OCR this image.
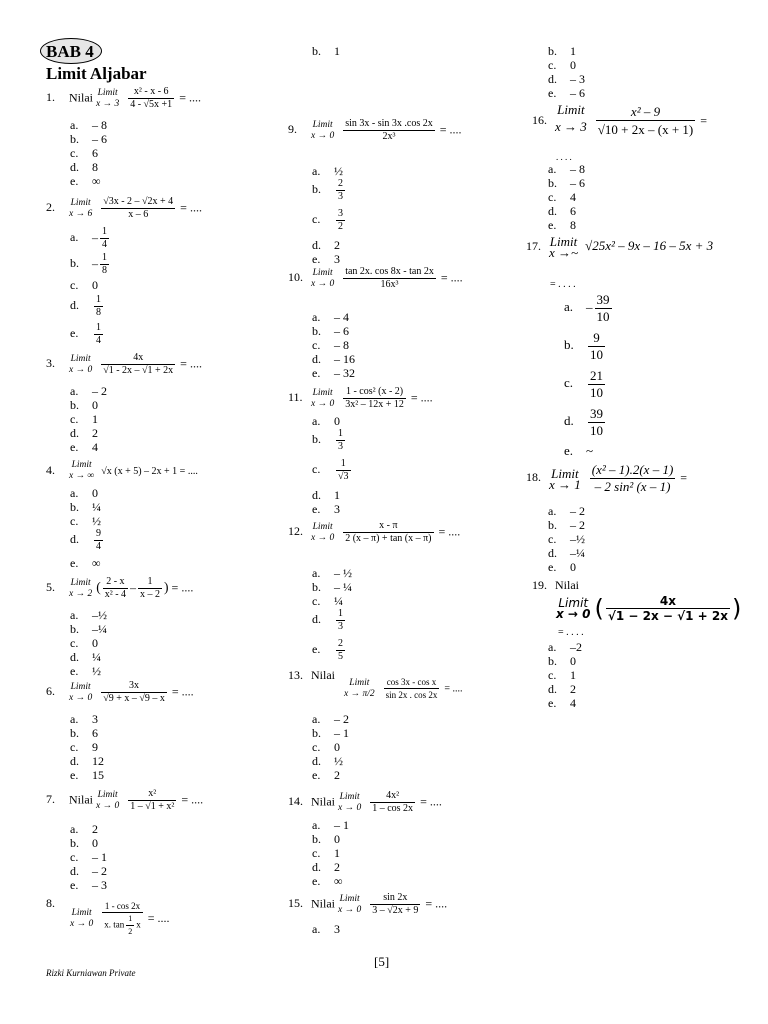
BAB 4
Limit Aljabar
1. Nilai Limit
x → 3
$\frac{\text{x² - x - 6}}{4 - √5x +1}$ = ....
a. – 8
b. – 6
c. 6
d. 8
e. ∞
2. Limit
x → 6
$\frac{√3x - 2 - √2x + 4}{x - 6}$ = ....
a. – $\frac{1}{4}$
b. – $\frac{1}{8}$
c. 0
d. $\frac{1}{8}$
e. $\frac{1}{4}$
3. Limit
x → 0
$\frac{4x}{√1 - 2x - √1 + 2x}$ = ....
a. – 2
b. 0
c. 1
d. 2
e. 4
4. Limit
x → ∞ √x (x + 5) – 2x + 1 = ....
a. 0
b. ¼
c. ½
d. $\frac{9}{4}$
e. ∞
5. Limit
x → 2 ( $\frac{2 - x}{\text{x² - 4}} - \frac{1}{x - 2}$ ) = ....
a. –½
b. –¼
c. 0
d. ¼
e. ½
6. Limit
x → 0
$\frac{3x}{√9 + x - √9 - x}$ = ....
a. 3
b. 6
c. 9
d. 12
e. 15
7. Nilai Limit
x → 0
$\frac{\text{x²}}{\text{1 – √1 + x²}}$ = ....
a. 2
b. 0
c. – 1
d. – 2
e. – 3
8.
Limit
x → 0
$\frac{1 - \cos 2x}{x. \tan \frac{1}{2} x}$ = ....
b. 1
9. Limit
x → 0
$\frac{\sin 3x - \sin 3x .\cos 2x}{\text{2x³}}$ = ....
a. ½
b. $\frac{2}{3}$
c. $\frac{3}{2}$
d. 2
e. 3
10. Limit
x → 0
$\frac{\tan 2x. \cos 8x - \tan 2x}{\text{16x³}}$ = ....
a. – 4
b. – 6
c. – 8
d. – 16
e. – 32
11. Limit
x → 0
$\frac{\text{1 - cos² (x - 2)}}{\text{3x² – 12x + 12}}$ = ....
a. 0
b. $\frac{1}{3}$
c. $\frac{1}{√3}$
d. 1
e. 3
12. Limit
x → 0
$\frac{x - \pi}{2 (x - \pi) + \tan (x - \pi)}$ = ....
a. – ½
b. – ¼
c. ¼
d. $\frac{1}{3}$
e. $\frac{2}{5}$
13. Nilai
Limit
x → π/2
$\frac{\text{cos 3x - cos x}}{\sin 2x . \cos 2x}$ = ....
a. – 2
b. – 1
c. 0
d. ½
e. 2
14. Nilai Limit
x → 0
$\frac{\text{4x²}}{1 - \cos 2x}$ = ....
a. – 1
b. 0
c. 1
d. 2
e. ∞
15. Nilai Limit
x → 0
$\frac{\sin 2x}{3 - √2x + 9}$ = ....
a. 3
b. 1
c. 0
d. – 3
e. – 6
16.
Limit
x → 3
$\frac{\text{x² – 9}}{√10 + 2x - (x + 1)}$ =
. . . .
a. – 8
b. – 6
c. 4
d. 6
e. 8
17. Limit
x →~ √25x² – 9x – 16 – 5x + 3
= . . . .
a. – $\frac{39}{10}$
b. $\frac{9}{10}$
c. $\frac{21}{10}$
d. $\frac{39}{10}$
e. ~
18. Limit
x → 1
$\frac{\text{(x² – 1).2(x – 1)}}{\text{– 2 sin² (x – 1)}}$ =
a. – 2
b. – 2
c. –½
d. –¼
e. 0
19. Nilai
Limit
x → 0 ( $\frac{4x}{√1 - 2x - √1 + 2x}$ )
= . . . .
a. –2
b. 0
c. 1
d. 2
e. 4
[5]
Rizki Kurniawan Private
